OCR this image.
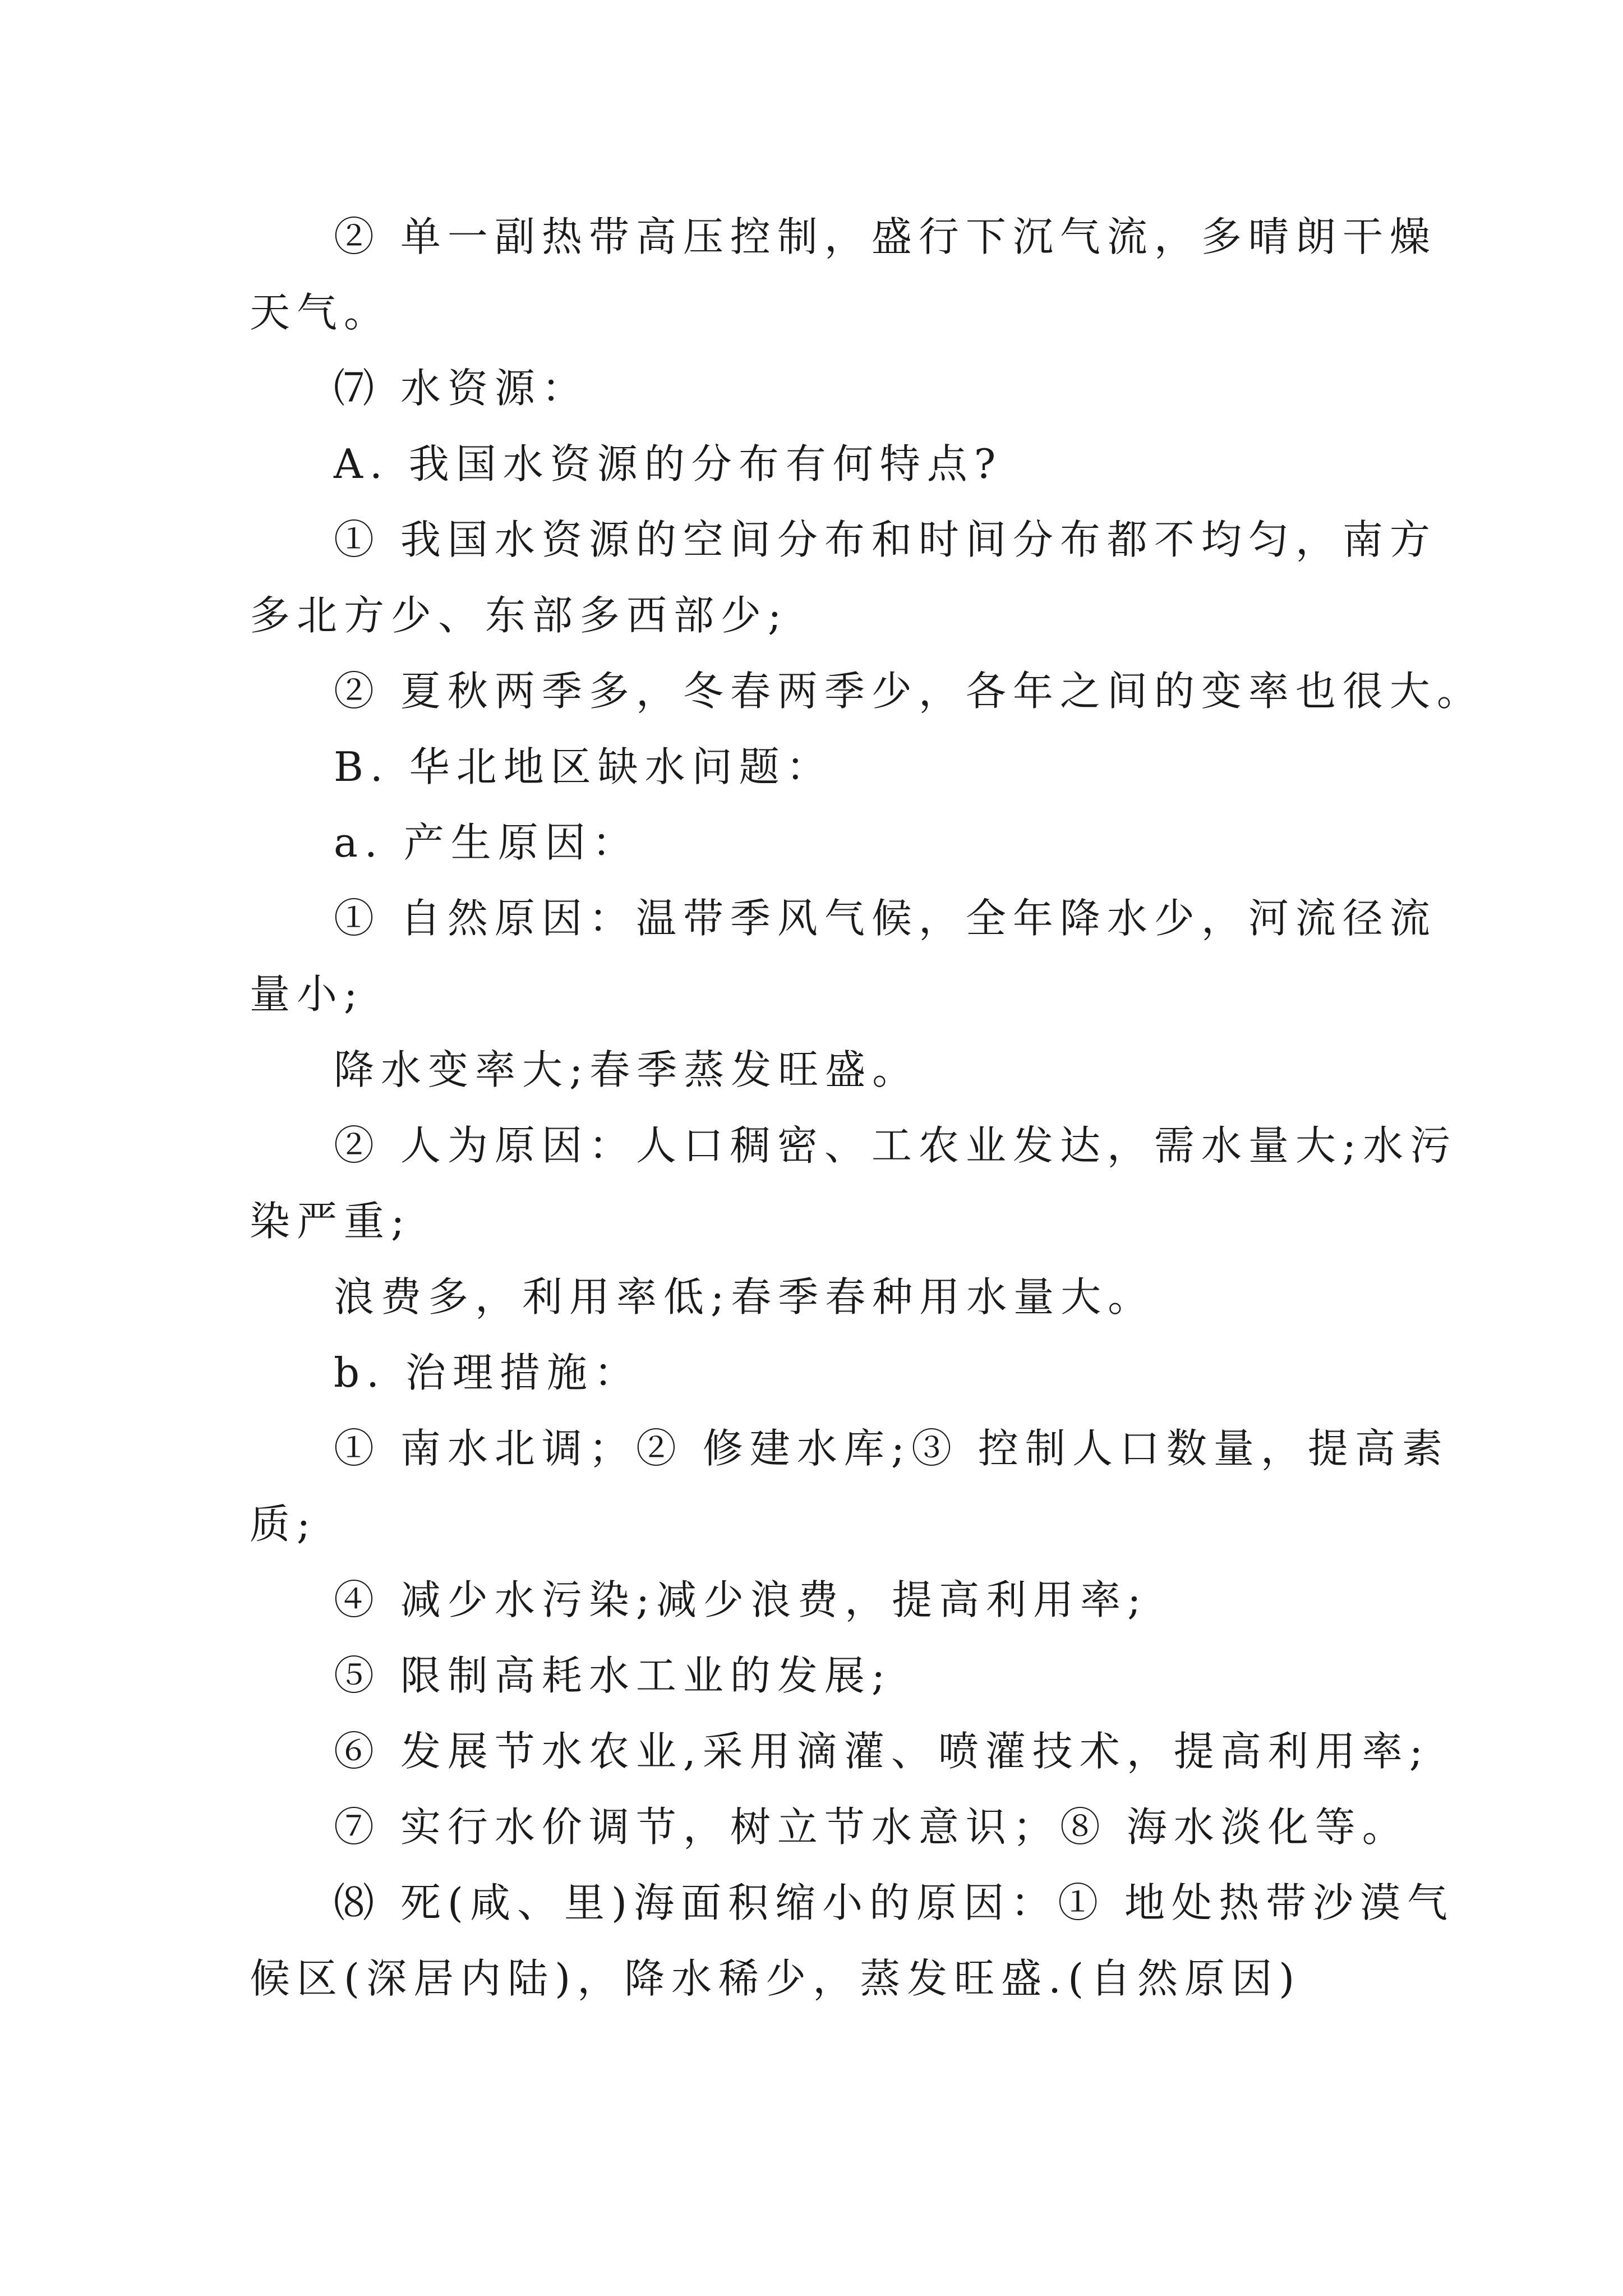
② 单一副热带高压控制，盛行下沉气流，多晴朗干燥
天气。
⑺ 水资源：
A. 我国水资源的分布有何特点?
① 我国水资源的空间分布和时间分布都不均匀，南方
多北方少、东部多西部少;
② 夏秋两季多，冬春两季少，各年之间的变率也很大。
B. 华北地区缺水问题：
a. 产生原因：
① 自然原因：温带季风气候，全年降水少，河流径流
量小;
降水变率大;春季蒸发旺盛。
② 人为原因：人口稠密、工农业发达，需水量大;水污
染严重;
浪费多，利用率低;春季春种用水量大。
b. 治理措施：
① 南水北调；② 修建水库;③ 控制人口数量，提高素
质;
④ 减少水污染;减少浪费，提高利用率;
⑤ 限制高耗水工业的发展;
⑥ 发展节水农业,采用滴灌、喷灌技术，提高利用率;
⑦ 实行水价调节，树立节水意识；⑧ 海水淡化等。
⑻ 死(咸、里)海面积缩小的原因：① 地处热带沙漠气
候区(深居内陆)，降水稀少，蒸发旺盛.(自然原因)
